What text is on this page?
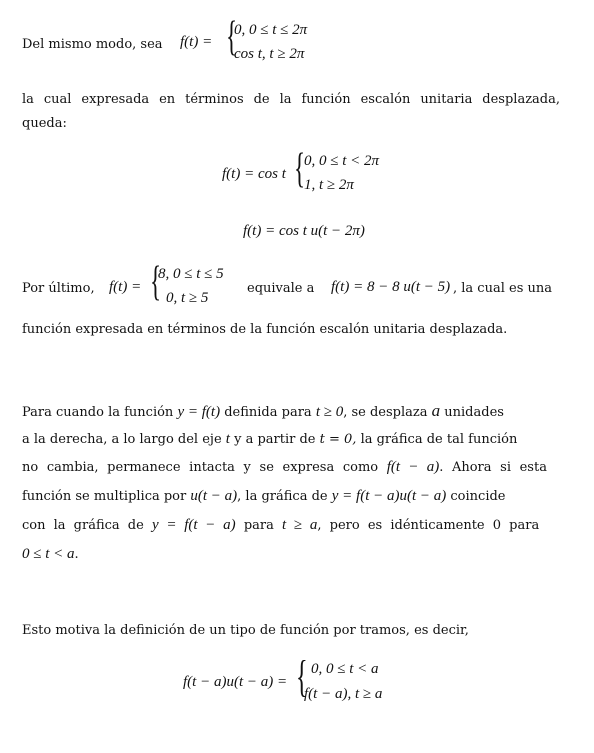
Del mismo modo, sea f(t) = {
0, 0 ≤ t ≤ 2π
cos t, t ≥ 2π
la cual expresada en términos de la función escalón unitaria desplazada,
queda:
f(t) = cos t {
0, 0 ≤ t < 2π
1, t ≥ 2π
f(t) = cos t u(t − 2π)
Por último, f(t) = {
8, 0 ≤ t ≤ 5
0, t ≥ 5
equivale a f(t) = 8 − 8 u(t − 5) , la cual es una
función expresada en términos de la función escalón unitaria desplazada.
Para cuando la función y = f(t) definida para t ≥ 0, se desplaza a unidades
a la derecha, a lo largo del eje t y a partir de t = 0, la gráfica de tal función
no cambia, permanece intacta y se expresa como f(t − a). Ahora si esta
función se multiplica por u(t − a), la gráfica de y = f(t − a)u(t − a) coincide
con la gráfica de y = f(t − a) para t ≥ a, pero es idénticamente 0 para
0 ≤ t < a.
Esto motiva la definición de un tipo de función por tramos, es decir,
f(t − a)u(t − a) = { 0, 0 ≤ t < a
f(t − a), t ≥ a
